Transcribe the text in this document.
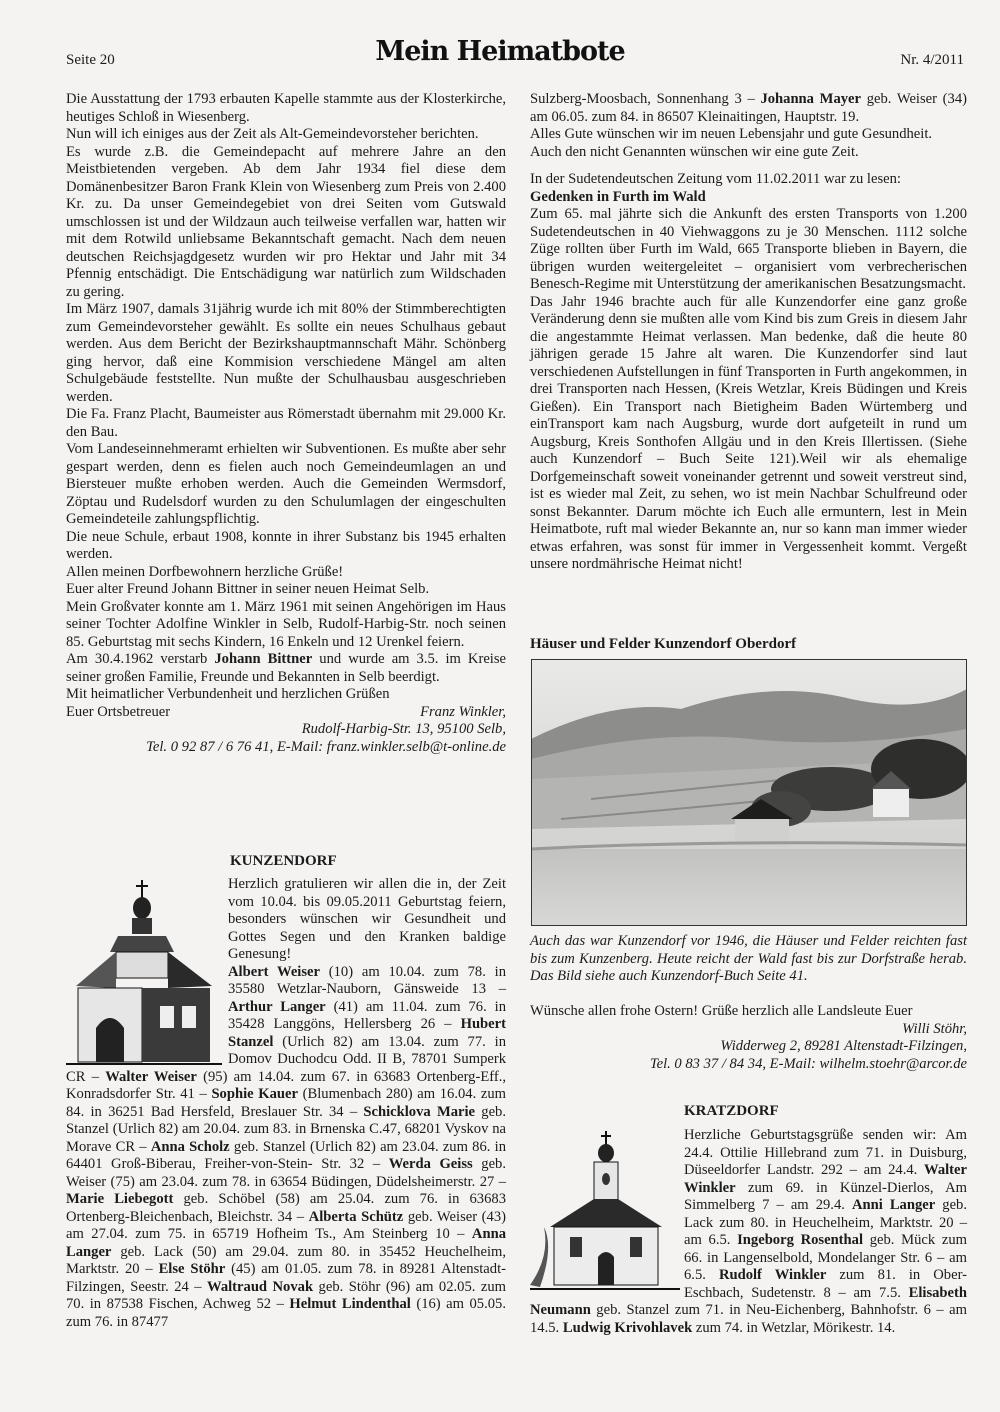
Seite 20	Mein Heimatbote	Nr. 4/2011

Die Ausstattung der 1793 erbauten Kapelle stammte aus der Klosterkirche, heutiges Schloß in Wiesenberg.

Nun will ich einiges aus der Zeit als Alt-Gemeindevorsteher berichten.

Es wurde z.B. die Gemeindepacht auf mehrere Jahre an den Meistbietenden vergeben. Ab dem Jahr 1934 fiel diese dem Domänenbesitzer Baron Frank Klein von Wiesenberg zum Preis von 2.400 Kr. zu. Da unser Gemeindegebiet von drei Seiten vom Gutswald umschlossen ist und der Wildzaun auch teilweise verfallen war, hatten wir mit dem Rotwild unliebsame Bekanntschaft gemacht. Nach dem neuen deutschen Reichsjagdgesetz wurden wir pro Hektar und Jahr mit 34 Pfennig entschädigt. Die Entschädigung war natürlich zum Wildschaden zu gering.

Im März 1907, damals 31jährig wurde ich mit 80% der Stimmberechtigten zum Gemeindevorsteher gewählt. Es sollte ein neues Schulhaus gebaut werden. Aus dem Bericht der Bezirkshauptmannschaft Mähr. Schönberg ging hervor, daß eine Kommision verschiedene Mängel am alten Schulgebäude feststellte. Nun mußte der Schulhausbau ausgeschrieben werden.

Die Fa. Franz Placht, Baumeister aus Römerstadt übernahm mit 29.000 Kr. den Bau.

Vom Landeseinnehmeramt erhielten wir Subventionen. Es mußte aber sehr gespart werden, denn es fielen auch noch Gemeindeumlagen an und Biersteuer mußte erhoben werden. Auch die Gemeinden Wermsdorf, Zöptau und Rudelsdorf wurden zu den Schulumlagen der eingeschulten Gemeindeteile zahlungspflichtig.

Die neue Schule, erbaut 1908, konnte in ihrer Substanz bis 1945 erhalten werden.

Allen meinen Dorfbewohnern herzliche Grüße!

Euer alter Freund Johann Bittner in seiner neuen Heimat Selb.

Mein Großvater konnte am 1. März 1961 mit seinen Angehörigen im Haus seiner Tochter Adolfine Winkler in Selb, Rudolf-Harbig-Str. noch seinen 85. Geburtstag mit sechs Kindern, 16 Enkeln und 12 Urenkel feiern.

Am 30.4.1962 verstarb Johann Bittner und wurde am 3.5. im Kreise seiner großen Familie, Freunde und Bekannten in Selb beerdigt.

Mit heimatlicher Verbundenheit und herzlichen Grüßen

Euer Ortsbetreuer	Franz Winkler,

Rudolf-Harbig-Str. 13, 95100 Selb,

Tel. 0 92 87 / 6 76 41, E-Mail: franz.winkler.selb@t-online.de

KUNZENDORF
Herzlich gratulieren wir allen die in, der Zeit vom 10.04. bis 09.05.2011 Geburtstag feiern, besonders wünschen wir Gesundheit und Gottes Segen und den Kranken baldige Genesung!
Albert Weiser (10) am 10.04. zum 78. in 35580 Wetzlar-Nauborn, Gänsweide 13 – Arthur Langer (41) am 11.04. zum 76. in 35428 Langgöns, Hellersberg 26 – Hubert Stanzel (Urlich 82) am 13.04. zum 77. in Domov Duchodcu Odd. II B, 78701 Sumperk CR – Walter Weiser (95) am 14.04. zum 67. in 63683 Ortenberg-Eff., Konradsdorfer Str. 41 – Sophie Kauer (Blumenbach 280) am 16.04. zum 84. in 36251 Bad Hersfeld, Breslauer Str. 34 – Schicklova Marie geb. Stanzel (Urlich 82) am 20.04. zum 83. in Brnenska C.47, 68201 Vyskov na Morave CR – Anna Scholz geb. Stanzel (Urlich 82) am 23.04. zum 86. in 64401 Groß-Biberau, Freiher-von-Stein- Str. 32 – Werda Geiss geb. Weiser (75) am 23.04. zum 78. in 63654 Büdingen, Düdelsheimerstr. 27 – Marie Liebegott geb. Schöbel (58) am 25.04. zum 76. in 63683 Ortenberg-Bleichenbach, Bleichstr. 34 – Alberta Schütz geb. Weiser (43) am 27.04. zum 75. in 65719 Hofheim Ts., Am Steinberg 10 – Anna Langer geb. Lack (50) am 29.04. zum 80. in 35452 Heuchelheim, Marktstr. 20 – Else Stöhr (45) am 01.05. zum 78. in 89281 Altenstadt-Filzingen, Seestr. 24 – Waltraud Novak geb. Stöhr (96) am 02.05. zum 70. in 87538 Fischen, Achweg 52 – Helmut Lindenthal (16) am 05.05. zum 76. in 87477

Sulzberg-Moosbach, Sonnenhang 3 – Johanna Mayer geb. Weiser (34) am 06.05. zum 84. in 86507 Kleinaitingen, Hauptstr. 19.

Alles Gute wünschen wir im neuen Lebensjahr und gute Gesundheit.

Auch den nicht Genannten wünschen wir eine gute Zeit.

In der Sudetendeutschen Zeitung vom 11.02.2011 war zu lesen:

Gedenken in Furth im Wald

Zum 65. mal jährte sich die Ankunft des ersten Transports von 1.200 Sudetendeutschen in 40 Viehwaggons zu je 30 Menschen. 1112 solche Züge rollten über Furth im Wald, 665 Transporte blieben in Bayern, die übrigen wurden weitergeleitet – organisiert vom verbrecherischen Benesch-Regime mit Unterstützung der amerikanischen Besatzungsmacht.

Das Jahr 1946 brachte auch für alle Kunzendorfer eine ganz große Veränderung denn sie mußten alle vom Kind bis zum Greis in diesem Jahr die angestammte Heimat verlassen. Man bedenke, daß die heute 80 jährigen gerade 15 Jahre alt waren. Die Kunzendorfer sind laut verschiedenen Aufstellungen in fünf Transporten in Furth angekommen, in drei Transporten nach Hessen, (Kreis Wetzlar, Kreis Büdingen und Kreis Gießen). Ein Transport nach Bietigheim Baden Würtemberg und einTransport kam nach Augsburg, wurde dort aufgeteilt in rund um Augsburg, Kreis Sonthofen Allgäu und in den Kreis Illertissen. (Siehe auch Kunzendorf – Buch Seite 121).Weil wir als ehemalige Dorfgemeinschaft soweit voneinander getrennt und soweit verstreut sind, ist es wieder mal Zeit, zu sehen, wo ist mein Nachbar Schulfreund oder sonst Bekannter. Darum möchte ich Euch alle ermuntern, lest in Mein Heimatbote, ruft mal wieder Bekannte an, nur so kann man immer wieder etwas erfahren, was sonst für immer in Vergessenheit kommt. Vergeßt unsere nordmährische Heimat nicht!

Häuser und Felder Kunzendorf Oberdorf
Auch das war Kunzendorf vor 1946, die Häuser und Felder reichten fast bis zum Kunzenberg. Heute reicht der Wald fast bis zur Dorfstraße herab. Das Bild siehe auch Kunzendorf-Buch Seite 41.
Wünsche allen frohe Ostern! Grüße herzlich alle Landsleute Euer
Willi Stöhr,
Widderweg 2, 89281 Altenstadt-Filzingen,
Tel. 0 83 37 / 84 34, E-Mail: wilhelm.stoehr@arcor.de
KRATZDORF
Herzliche Geburtstagsgrüße senden wir: Am 24.4. Ottilie Hillebrand zum 71. in Duisburg, Düseeldorfer Landstr. 292 – am 24.4. Walter Winkler zum 69. in Künzel-Dierlos, Am Simmelberg 7 – am 29.4. Anni Langer geb. Lack zum 80. in Heuchelheim, Marktstr. 20 – am 6.5. Ingeborg Rosenthal geb. Mück zum 66. in Langenselbold, Mondelanger Str. 6 – am 6.5. Rudolf Winkler zum 81. in Ober-Eschbach, Sudetenstr. 8 – am 7.5. Elisabeth Neumann geb. Stanzel zum 71. in Neu-Eichenberg, Bahnhofstr. 6 – am 14.5. Ludwig Krivohlavek zum 74. in Wetzlar, Mörikestr. 14.
